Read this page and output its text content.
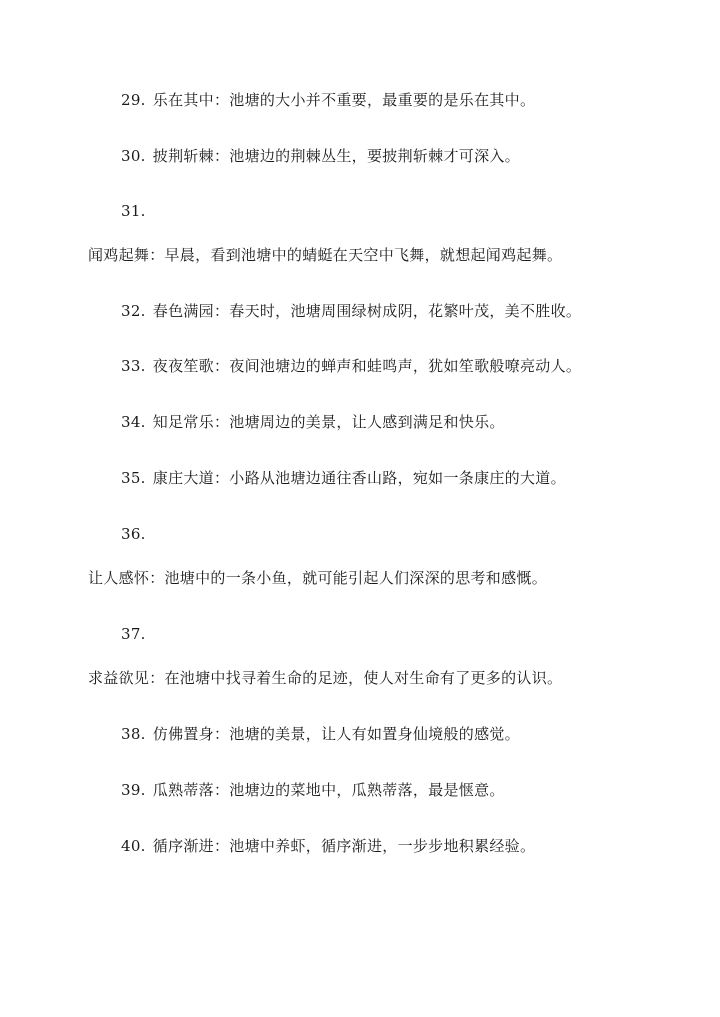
29. 乐在其中：池塘的大小并不重要，最重要的是乐在其中。
30. 披荆斩棘：池塘边的荆棘丛生，要披荆斩棘才可深入。
31.
闻鸡起舞：早晨，看到池塘中的蜻蜓在天空中飞舞，就想起闻鸡起舞。
32. 春色满园：春天时，池塘周围绿树成阴，花繁叶茂，美不胜收。
33. 夜夜笙歌：夜间池塘边的蝉声和蛙鸣声，犹如笙歌般嘹亮动人。
34. 知足常乐：池塘周边的美景，让人感到满足和快乐。
35. 康庄大道：小路从池塘边通往香山路，宛如一条康庄的大道。
36.
让人感怀：池塘中的一条小鱼，就可能引起人们深深的思考和感慨。
37.
求益欲见：在池塘中找寻着生命的足迹，使人对生命有了更多的认识。
38. 仿佛置身：池塘的美景，让人有如置身仙境般的感觉。
39. 瓜熟蒂落：池塘边的菜地中，瓜熟蒂落，最是惬意。
40. 循序渐进：池塘中养虾，循序渐进，一步步地积累经验。
